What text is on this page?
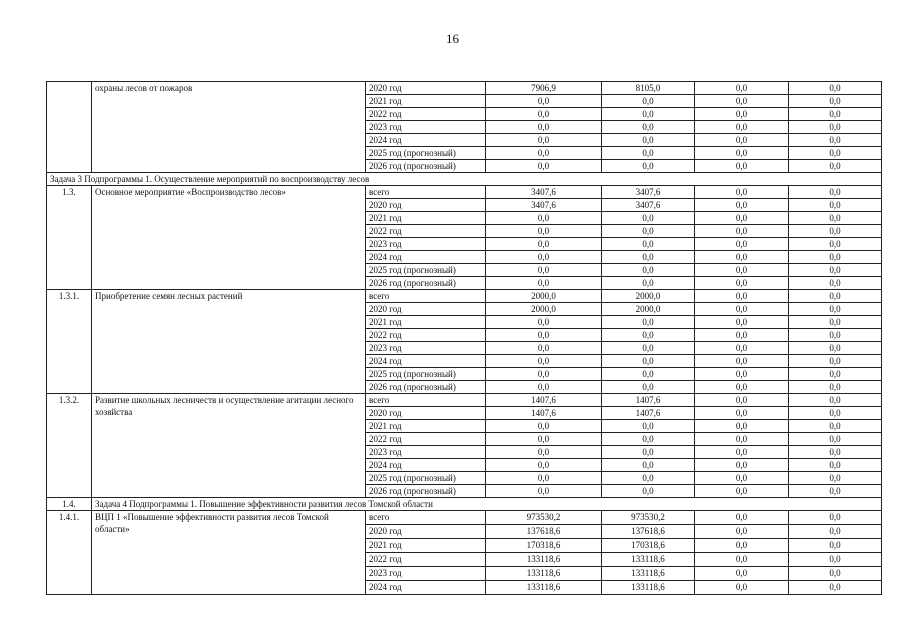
16
	охраны лесов от пожаров	2020 год	7906,9	8105,0	0,0	0,0
		2021 год	0,0	0,0	0,0	0,0
		2022 год	0,0	0,0	0,0	0,0
		2023 год	0,0	0,0	0,0	0,0
		2024 год	0,0	0,0	0,0	0,0
		2025 год (прогнозный)	0,0	0,0	0,0	0,0
		2026 год (прогнозный)	0,0	0,0	0,0	0,0
Задача 3 Подпрограммы 1. Осуществление мероприятий по воспроизводству лесов						
1.3.	Основное мероприятие «Воспроизводство лесов»	всего	3407,6	3407,6	0,0	0,0
		2020 год	3407,6	3407,6	0,0	0,0
		2021 год	0,0	0,0	0,0	0,0
		2022 год	0,0	0,0	0,0	0,0
		2023 год	0,0	0,0	0,0	0,0
		2024 год	0,0	0,0	0,0	0,0
		2025 год (прогнозный)	0,0	0,0	0,0	0,0
		2026 год (прогнозный)	0,0	0,0	0,0	0,0
1.3.1.	Приобретение семян лесных растений	всего	2000,0	2000,0	0,0	0,0
		2020 год	2000,0	2000,0	0,0	0,0
		2021 год	0,0	0,0	0,0	0,0
		2022 год	0,0	0,0	0,0	0,0
		2023 год	0,0	0,0	0,0	0,0
		2024 год	0,0	0,0	0,0	0,0
		2025 год (прогнозный)	0,0	0,0	0,0	0,0
		2026 год (прогнозный)	0,0	0,0	0,0	0,0
1.3.2.	Развитие школьных лесничеств и осуществление агитации лесного хозяйства	всего	1407,6	1407,6	0,0	0,0
		2020 год	1407,6	1407,6	0,0	0,0
		2021 год	0,0	0,0	0,0	0,0
		2022 год	0,0	0,0	0,0	0,0
		2023 год	0,0	0,0	0,0	0,0
		2024 год	0,0	0,0	0,0	0,0
		2025 год (прогнозный)	0,0	0,0	0,0	0,0
		2026 год (прогнозный)	0,0	0,0	0,0	0,0
1.4.	Задача 4 Подпрограммы 1. Повышение эффективности развития лесов Томской области					
1.4.1.	ВЦП 1 «Повышение эффективности развития лесов Томской области»	всего	973530,2	973530,2	0,0	0,0
		2020 год	137618,6	137618,6	0,0	0,0
		2021 год	170318,6	170318,6	0,0	0,0
		2022 год	133118,6	133118,6	0,0	0,0
		2023 год	133118,6	133118,6	0,0	0,0
		2024 год	133118,6	133118,6	0,0	0,0
